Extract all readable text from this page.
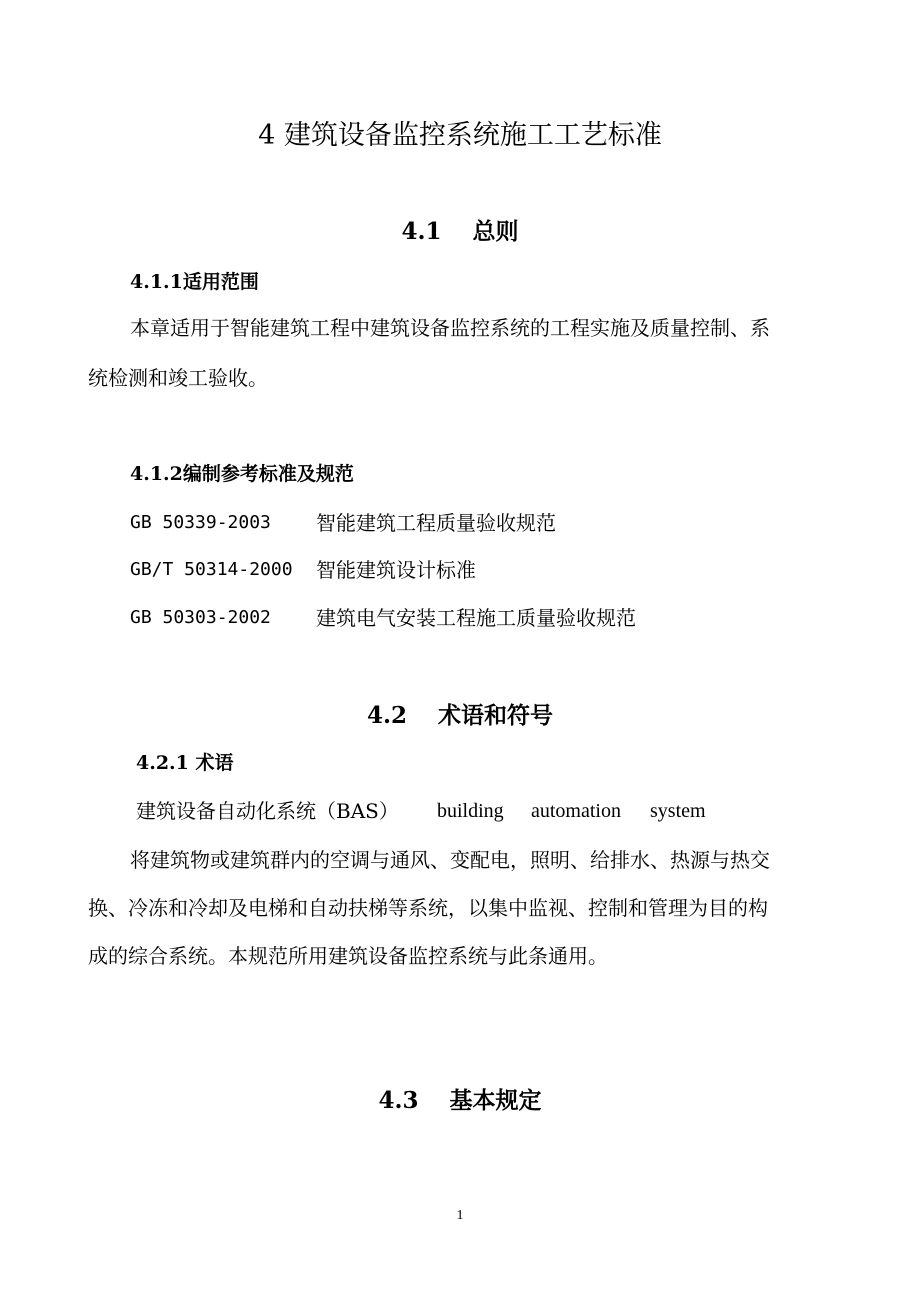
4 建筑设备监控系统施工工艺标准
4.1　 总则
4.1.1适用范围
本章适用于智能建筑工程中建筑设备监控系统的工程实施及质量控制、系
统检测和竣工验收。
4.1.2编制参考标准及规范
GB 50339-2003 智能建筑工程质量验收规范
GB/T 50314-2000 智能建筑设计标准
GB 50303-2002 建筑电气安装工程施工质量验收规范
4.2　 术语和符号
4.2.1 术语
建筑设备自动化系统（BAS） building automation system
将建筑物或建筑群内的空调与通风、变配电，照明、给排水、热源与热交
换、冷冻和冷却及电梯和自动扶梯等系统，以集中监视、控制和管理为目的构
成的综合系统。本规范所用建筑设备监控系统与此条通用。
4.3　 基本规定
1
